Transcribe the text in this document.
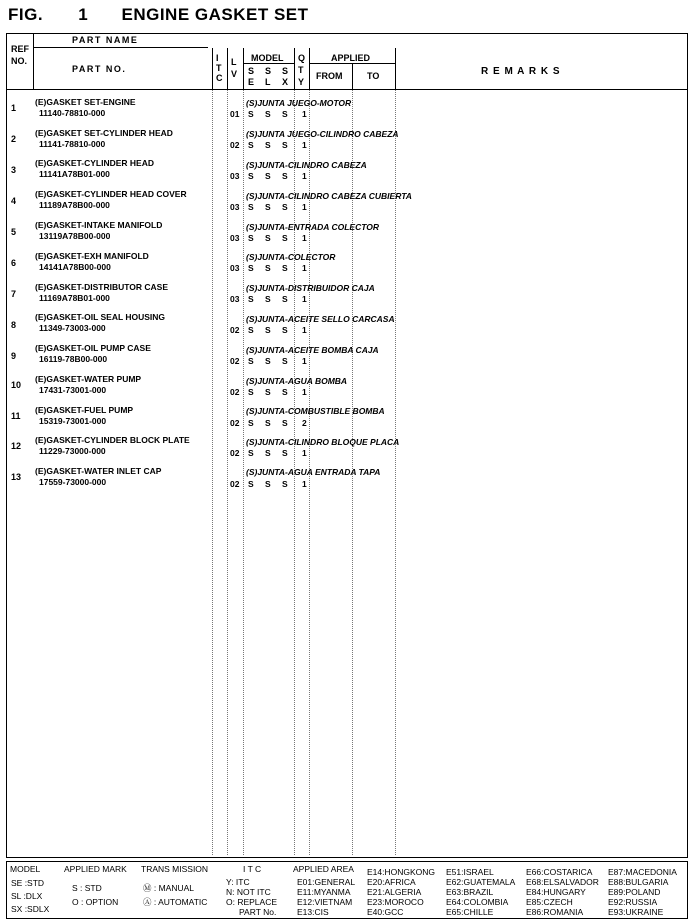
FIG. 1 ENGINE GASKET SET
REF
NO.
PART NAME
PART NO.
I
T
C
L
V
MODEL
S
E
S
L
S
X
Q
T
Y
APPLIED
FROM	TO	R E M A R K S
1
(E)GASKET SET-ENGINE
11140-78810-000
(S)JUNTA JUEGO-MOTOR
01 S S S 1
2
(E)GASKET SET-CYLINDER HEAD
11141-78810-000
(S)JUNTA JUEGO-CILINDRO CABEZA
02 S S S 1
3
(E)GASKET-CYLINDER HEAD
11141A78B01-000
(S)JUNTA-CILINDRO CABEZA
03 S S S 1
4
(E)GASKET-CYLINDER HEAD COVER
11189A78B00-000
(S)JUNTA-CILINDRO CABEZA CUBIERTA
03 S S S 1
5
(E)GASKET-INTAKE MANIFOLD
13119A78B00-000
(S)JUNTA-ENTRADA COLECTOR
03 S S S 1
6
(E)GASKET-EXH MANIFOLD
14141A78B00-000
(S)JUNTA-COLECTOR
03 S S S 1
7
(E)GASKET-DISTRIBUTOR CASE
11169A78B01-000
(S)JUNTA-DISTRIBUIDOR CAJA
03 S S S 1
8
(E)GASKET-OIL SEAL HOUSING
11349-73003-000
(S)JUNTA-ACEITE SELLO CARCASA
02 S S S 1
9
(E)GASKET-OIL PUMP CASE
16119-78B00-000
(S)JUNTA-ACEITE BOMBA CAJA
02 S S S 1
10
(E)GASKET-WATER PUMP
17431-73001-000
(S)JUNTA-AGUA BOMBA
02 S S S 1
11
(E)GASKET-FUEL PUMP
15319-73001-000
(S)JUNTA-COMBUSTIBLE BOMBA
02 S S S 2
12
(E)GASKET-CYLINDER BLOCK PLATE
11229-73000-000
(S)JUNTA-CILINDRO BLOQUE PLACA
02 S S S 1
13
(E)GASKET-WATER INLET CAP
17559-73000-000
(S)JUNTA-AGUA ENTRADA TAPA
02 S S S 1
MODEL	APPLIED MARK TRANS MISSION	I T C	APPLIED AREA
SE :STD
SL :DLX
SX :SDLX
S : STD
O : OPTION
Ⓜ : MANUAL
Ⓐ : AUTOMATIC
Y: ITC
N: NOT ITC
O: REPLACE
PART No.
E01:GENERAL
E11:MYANMA
E12:VIETNAM
E13:CIS
E14:HONGKONG
E20:AFRICA
E21:ALGERIA
E23:MOROCO
E40:GCC
E51:ISRAEL
E62:GUATEMALA
E63:BRAZIL
E64:COLOMBIA
E65:CHILLE
E66:COSTARICA
E68:ELSALVADOR
E84:HUNGARY
E85:CZECH
E86:ROMANIA
E87:MACEDONIA
E88:BULGARIA
E89:POLAND
E92:RUSSIA
E93:UKRAINE
